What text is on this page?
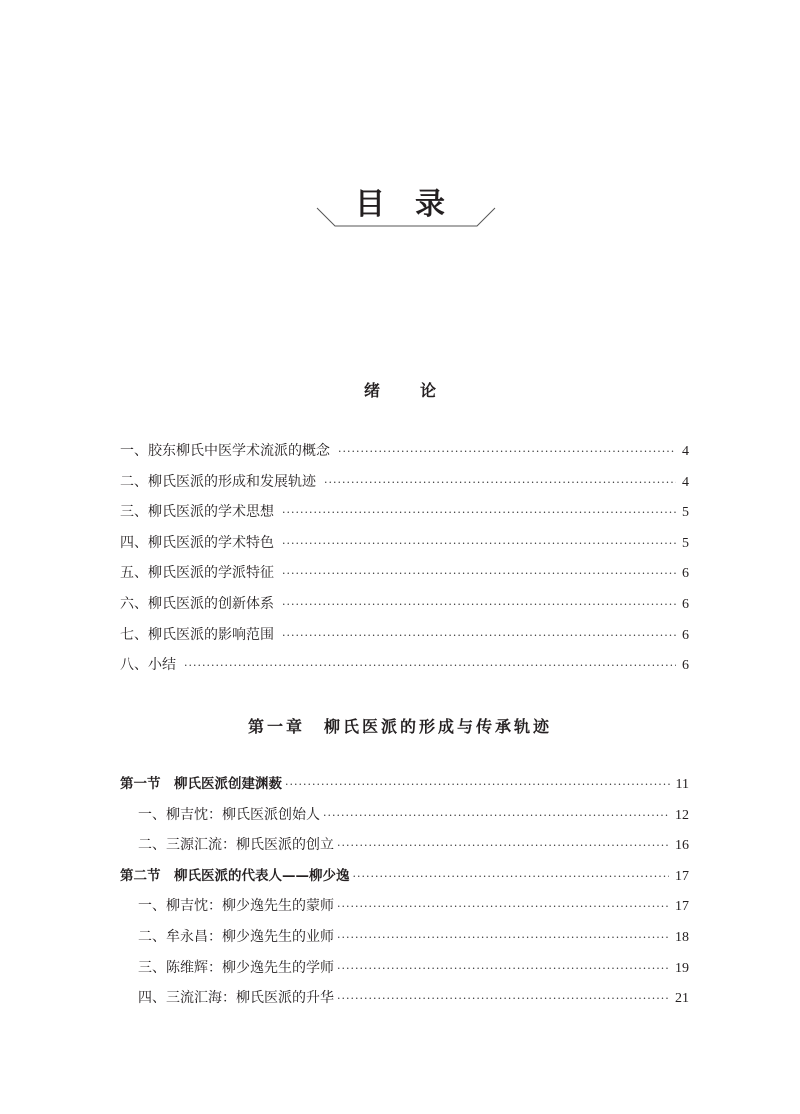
目录
绪论
一、胶东柳氏中医学术流派的概念 ·····	4
二、柳氏医派的形成和发展轨迹 ·····	4
三、柳氏医派的学术思想 ·····	5
四、柳氏医派的学术特色 ·····	5
五、柳氏医派的学派特征 ·····	6
六、柳氏医派的创新体系 ·····	6
七、柳氏医派的影响范围 ·····	6
八、小结 ·····	6
第一章　柳氏医派的形成与传承轨迹
第一节　柳氏医派创建渊薮 ·····	11
一、柳吉忱：柳氏医派创始人 ·····	12
二、三源汇流：柳氏医派的创立 ·····	16
第二节　柳氏医派的代表人——柳少逸 ·····	17
一、柳吉忱：柳少逸先生的蒙师 ·····	17
二、牟永昌：柳少逸先生的业师 ·····	18
三、陈维辉：柳少逸先生的学师 ·····	19
四、三流汇海：柳氏医派的升华 ·····	21
